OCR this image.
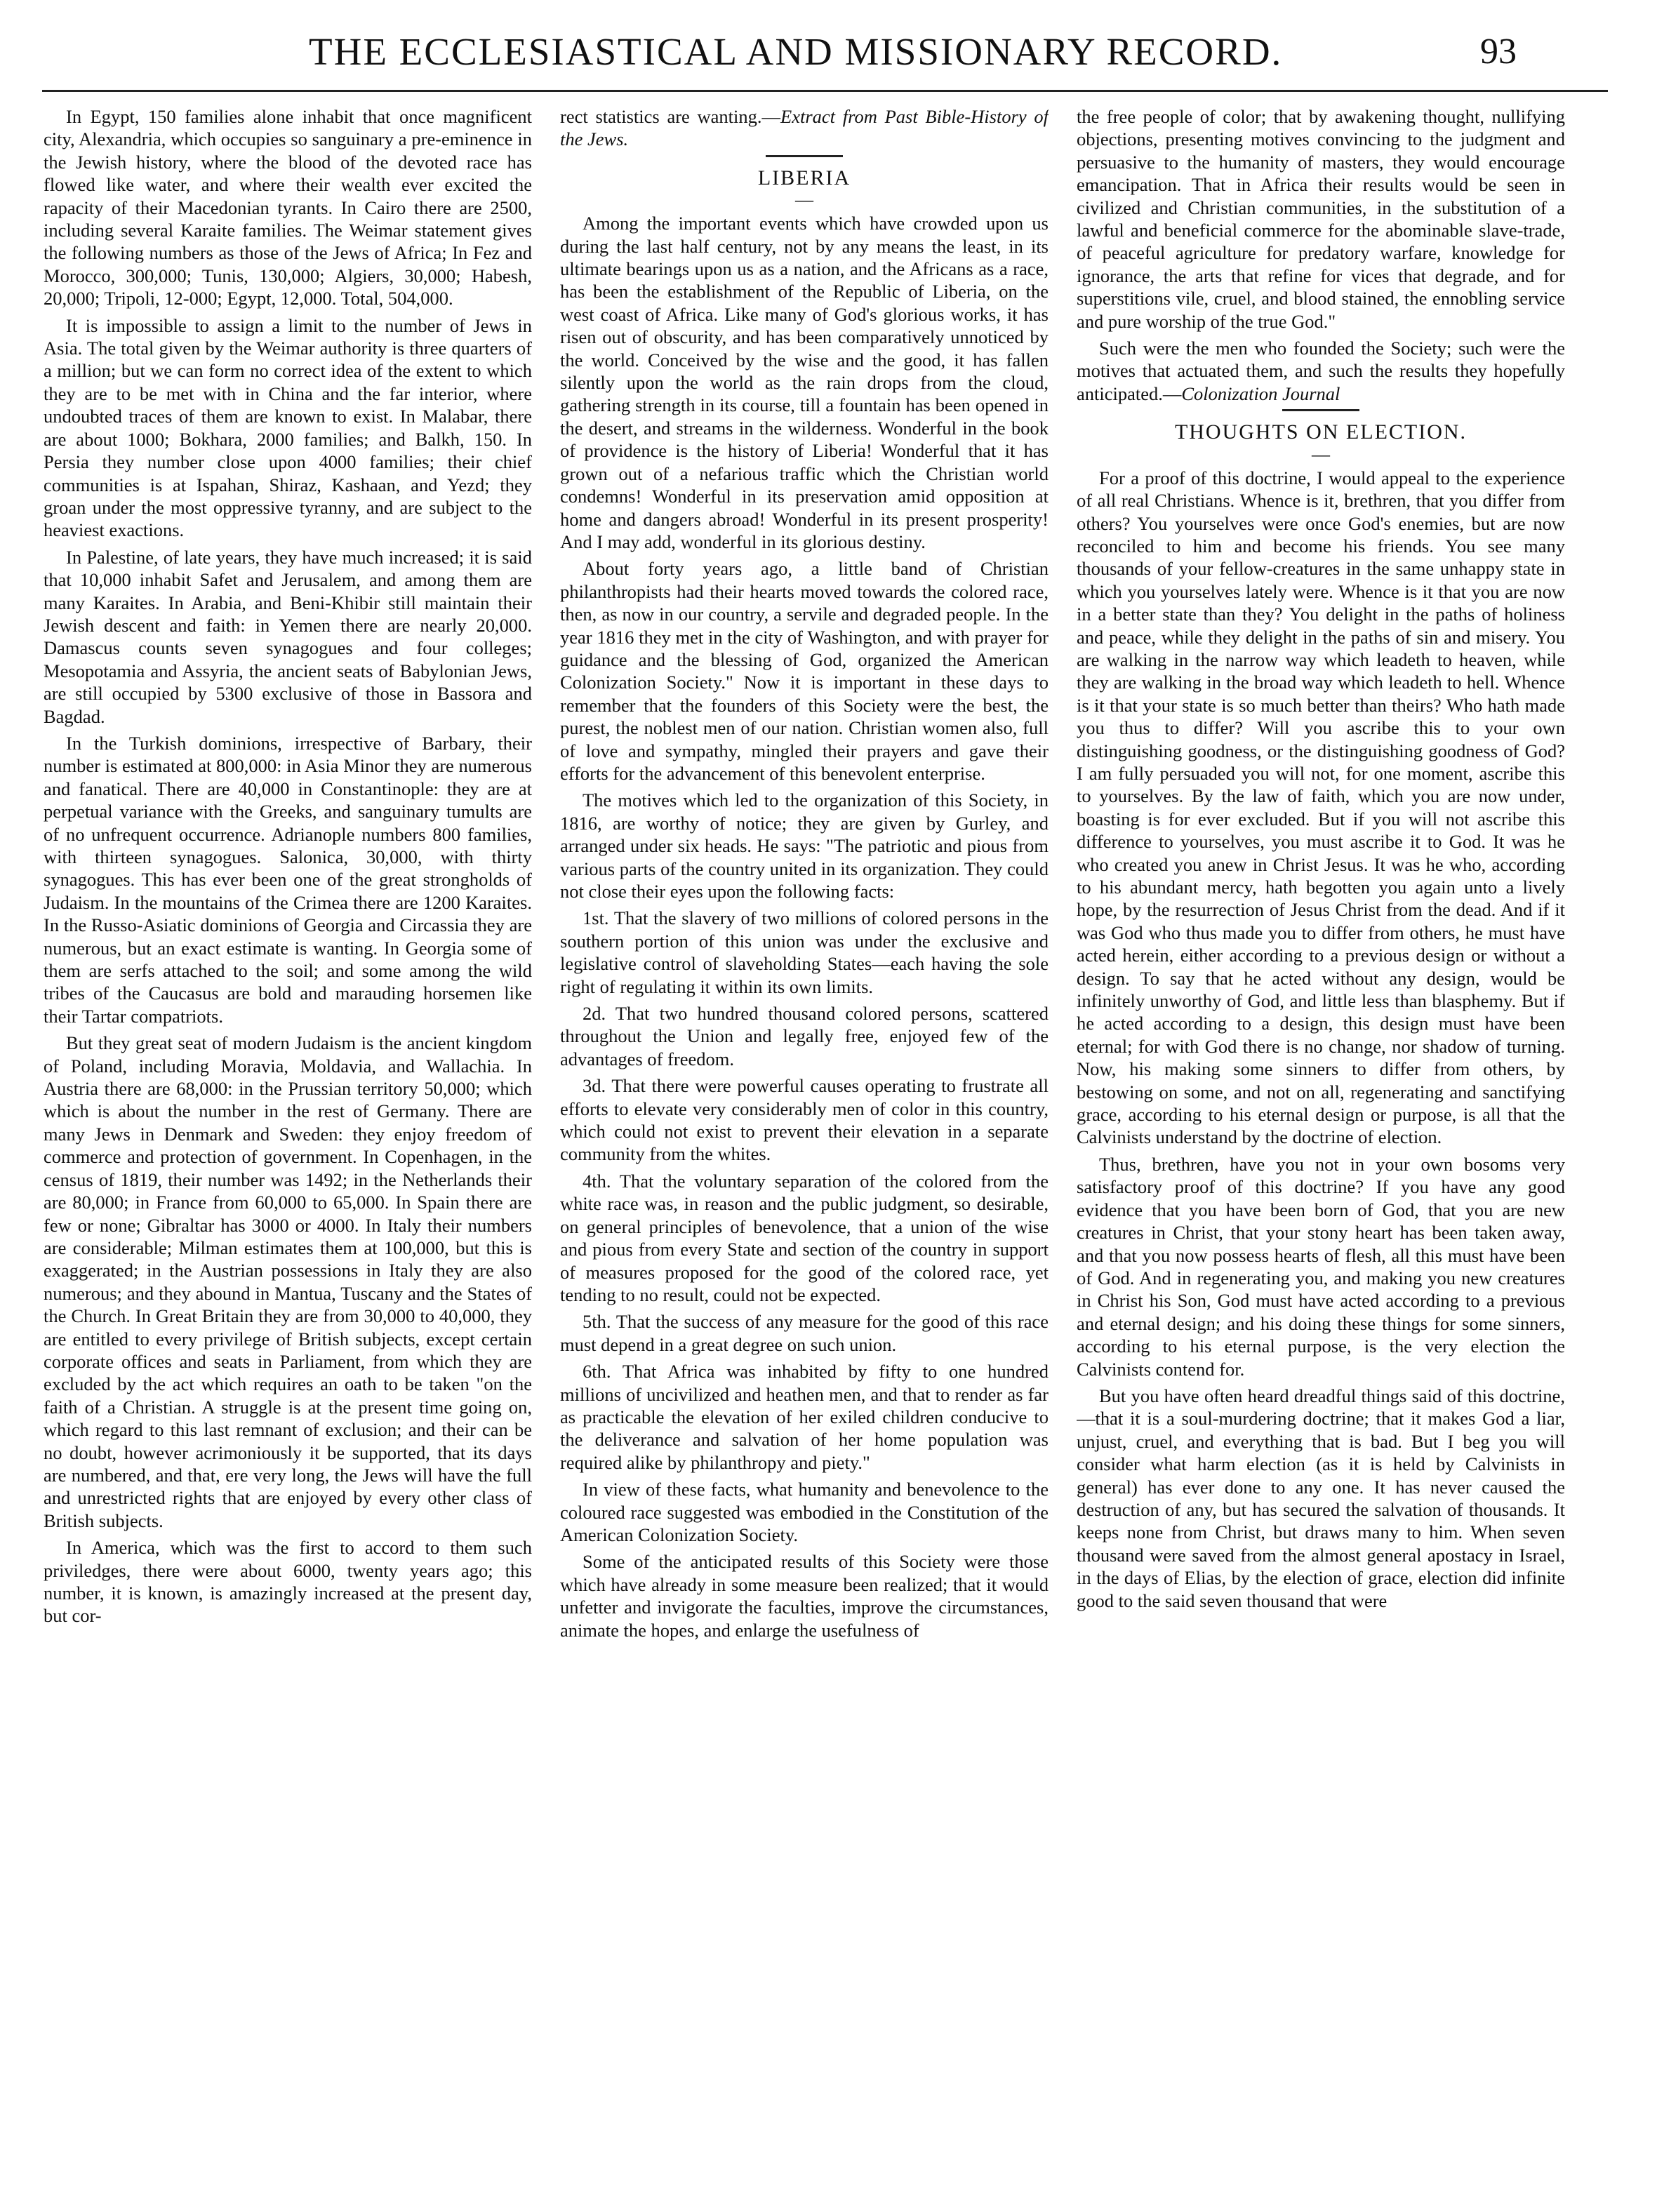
THE ECCLESIASTICAL AND MISSIONARY RECORD.	93

In Egypt, 150 families alone inhabit that once magnificent city, Alexandria, which occupies so sanguinary a pre-eminence in the Jewish history, where the blood of the devoted race has flowed like water, and where their wealth ever excited the rapacity of their Macedonian tyrants. In Cairo there are 2500, including several Karaite families. The Weimar statement gives the following numbers as those of the Jews of Africa; In Fez and Morocco, 300,000; Tunis, 130,000; Algiers, 30,000; Habesh, 20,000; Tripoli, 12-000; Egypt, 12,000. Total, 504,000.

It is impossible to assign a limit to the number of Jews in Asia. The total given by the Weimar authority is three quarters of a million; but we can form no correct idea of the extent to which they are to be met with in China and the far interior, where undoubted traces of them are known to exist. In Malabar, there are about 1000; Bokhara, 2000 families; and Balkh, 150. In Persia they number close upon 4000 families; their chief communities is at Ispahan, Shiraz, Kashaan, and Yezd; they groan under the most oppressive tyranny, and are subject to the heaviest exactions.

In Palestine, of late years, they have much increased; it is said that 10,000 inhabit Safet and Jerusalem, and among them are many Karaites. In Arabia, and Beni-Khibir still maintain their Jewish descent and faith: in Yemen there are nearly 20,000. Damascus counts seven synagogues and four colleges; Mesopotamia and Assyria, the ancient seats of Babylonian Jews, are still occupied by 5300 exclusive of those in Bassora and Bagdad.

In the Turkish dominions, irrespective of Barbary, their number is estimated at 800,000: in Asia Minor they are numerous and fanatical. There are 40,000 in Constantinople: they are at perpetual variance with the Greeks, and sanguinary tumults are of no unfrequent occurrence. Adrianople numbers 800 families, with thirteen synagogues. Salonica, 30,000, with thirty synagogues. This has ever been one of the great strongholds of Judaism. In the mountains of the Crimea there are 1200 Karaites. In the Russo-Asiatic dominions of Georgia and Circassia they are numerous, but an exact estimate is wanting. In Georgia some of them are serfs attached to the soil; and some among the wild tribes of the Caucasus are bold and marauding horsemen like their Tartar compatriots.

But they great seat of modern Judaism is the ancient kingdom of Poland, including Moravia, Moldavia, and Wallachia. In Austria there are 68,000: in the Prussian territory 50,000; which which is about the number in the rest of Germany. There are many Jews in Denmark and Sweden: they enjoy freedom of commerce and protection of government. In Copenhagen, in the census of 1819, their number was 1492; in the Netherlands their are 80,000; in France from 60,000 to 65,000. In Spain there are few or none; Gibraltar has 3000 or 4000. In Italy their numbers are considerable; Milman estimates them at 100,000, but this is exaggerated; in the Austrian possessions in Italy they are also numerous; and they abound in Mantua, Tuscany and the States of the Church. In Great Britain they are from 30,000 to 40,000, they are entitled to every privilege of British subjects, except certain corporate offices and seats in Parliament, from which they are excluded by the act which requires an oath to be taken "on the faith of a Christian. A struggle is at the present time going on, which regard to this last remnant of exclusion; and their can be no doubt, however acrimoniously it be supported, that its days are numbered, and that, ere very long, the Jews will have the full and unrestricted rights that are enjoyed by every other class of British subjects.

In America, which was the first to accord to them such priviledges, there were about 6000, twenty years ago; this number, it is known, is amazingly increased at the present day, but cor-

rect statistics are wanting.—Extract from Past Bible-History of the Jews.

LIBERIA
—

Among the important events which have crowded upon us during the last half century, not by any means the least, in its ultimate bearings upon us as a nation, and the Africans as a race, has been the establishment of the Republic of Liberia, on the west coast of Africa. Like many of God's glorious works, it has risen out of obscurity, and has been comparatively unnoticed by the world. Conceived by the wise and the good, it has fallen silently upon the world as the rain drops from the cloud, gathering strength in its course, till a fountain has been opened in the desert, and streams in the wilderness. Wonderful in the book of providence is the history of Liberia! Wonderful that it has grown out of a nefarious traffic which the Christian world condemns! Wonderful in its preservation amid opposition at home and dangers abroad! Wonderful in its present prosperity! And I may add, wonderful in its glorious destiny.

About forty years ago, a little band of Christian philanthropists had their hearts moved towards the colored race, then, as now in our country, a servile and degraded people. In the year 1816 they met in the city of Washington, and with prayer for guidance and the blessing of God, organized the American Colonization Society." Now it is important in these days to remember that the founders of this Society were the best, the purest, the noblest men of our nation. Christian women also, full of love and sympathy, mingled their prayers and gave their efforts for the advancement of this benevolent enterprise.

The motives which led to the organization of this Society, in 1816, are worthy of notice; they are given by Gurley, and arranged under six heads. He says: "The patriotic and pious from various parts of the country united in its organization. They could not close their eyes upon the following facts:

1st. That the slavery of two millions of colored persons in the southern portion of this union was under the exclusive and legislative control of slaveholding States—each having the sole right of regulating it within its own limits.

2d. That two hundred thousand colored persons, scattered throughout the Union and legally free, enjoyed few of the advantages of freedom.

3d. That there were powerful causes operating to frustrate all efforts to elevate very considerably men of color in this country, which could not exist to prevent their elevation in a separate community from the whites.

4th. That the voluntary separation of the colored from the white race was, in reason and the public judgment, so desirable, on general principles of benevolence, that a union of the wise and pious from every State and section of the country in support of measures proposed for the good of the colored race, yet tending to no result, could not be expected.

5th. That the success of any measure for the good of this race must depend in a great degree on such union.

6th. That Africa was inhabited by fifty to one hundred millions of uncivilized and heathen men, and that to render as far as practicable the elevation of her exiled children conducive to the deliverance and salvation of her home population was required alike by philanthropy and piety."

In view of these facts, what humanity and benevolence to the coloured race suggested was embodied in the Constitution of the American Colonization Society.

Some of the anticipated results of this Society were those which have already in some measure been realized; that it would unfetter and invigorate the faculties, improve the circumstances, animate the hopes, and enlarge the usefulness of

the free people of color; that by awakening thought, nullifying objections, presenting motives convincing to the judgment and persuasive to the humanity of masters, they would encourage emancipation. That in Africa their results would be seen in civilized and Christian communities, in the substitution of a lawful and beneficial commerce for the abominable slave-trade, of peaceful agriculture for predatory warfare, knowledge for ignorance, the arts that refine for vices that degrade, and for superstitions vile, cruel, and blood stained, the ennobling service and pure worship of the true God."

Such were the men who founded the Society; such were the motives that actuated them, and such the results they hopefully anticipated.—Colonization Journal

THOUGHTS ON ELECTION.
—

For a proof of this doctrine, I would appeal to the experience of all real Christians. Whence is it, brethren, that you differ from others? You yourselves were once God's enemies, but are now reconciled to him and become his friends. You see many thousands of your fellow-creatures in the same unhappy state in which you yourselves lately were. Whence is it that you are now in a better state than they? You delight in the paths of holiness and peace, while they delight in the paths of sin and misery. You are walking in the narrow way which leadeth to heaven, while they are walking in the broad way which leadeth to hell. Whence is it that your state is so much better than theirs? Who hath made you thus to differ? Will you ascribe this to your own distinguishing goodness, or the distinguishing goodness of God? I am fully persuaded you will not, for one moment, ascribe this to yourselves. By the law of faith, which you are now under, boasting is for ever excluded. But if you will not ascribe this difference to yourselves, you must ascribe it to God. It was he who created you anew in Christ Jesus. It was he who, according to his abundant mercy, hath begotten you again unto a lively hope, by the resurrection of Jesus Christ from the dead. And if it was God who thus made you to differ from others, he must have acted herein, either according to a previous design or without a design. To say that he acted without any design, would be infinitely unworthy of God, and little less than blasphemy. But if he acted according to a design, this design must have been eternal; for with God there is no change, nor shadow of turning. Now, his making some sinners to differ from others, by bestowing on some, and not on all, regenerating and sanctifying grace, according to his eternal design or purpose, is all that the Calvinists understand by the doctrine of election.

Thus, brethren, have you not in your own bosoms very satisfactory proof of this doctrine? If you have any good evidence that you have been born of God, that you are new creatures in Christ, that your stony heart has been taken away, and that you now possess hearts of flesh, all this must have been of God. And in regenerating you, and making you new creatures in Christ his Son, God must have acted according to a previous and eternal design; and his doing these things for some sinners, according to his eternal purpose, is the very election the Calvinists contend for.

But you have often heard dreadful things said of this doctrine,—that it is a soul-murdering doctrine; that it makes God a liar, unjust, cruel, and everything that is bad. But I beg you will consider what harm election (as it is held by Calvinists in general) has ever done to any one. It has never caused the destruction of any, but has secured the salvation of thousands. It keeps none from Christ, but draws many to him. When seven thousand were saved from the almost general apostacy in Israel, in the days of Elias, by the election of grace, election did infinite good to the said seven thousand that were
